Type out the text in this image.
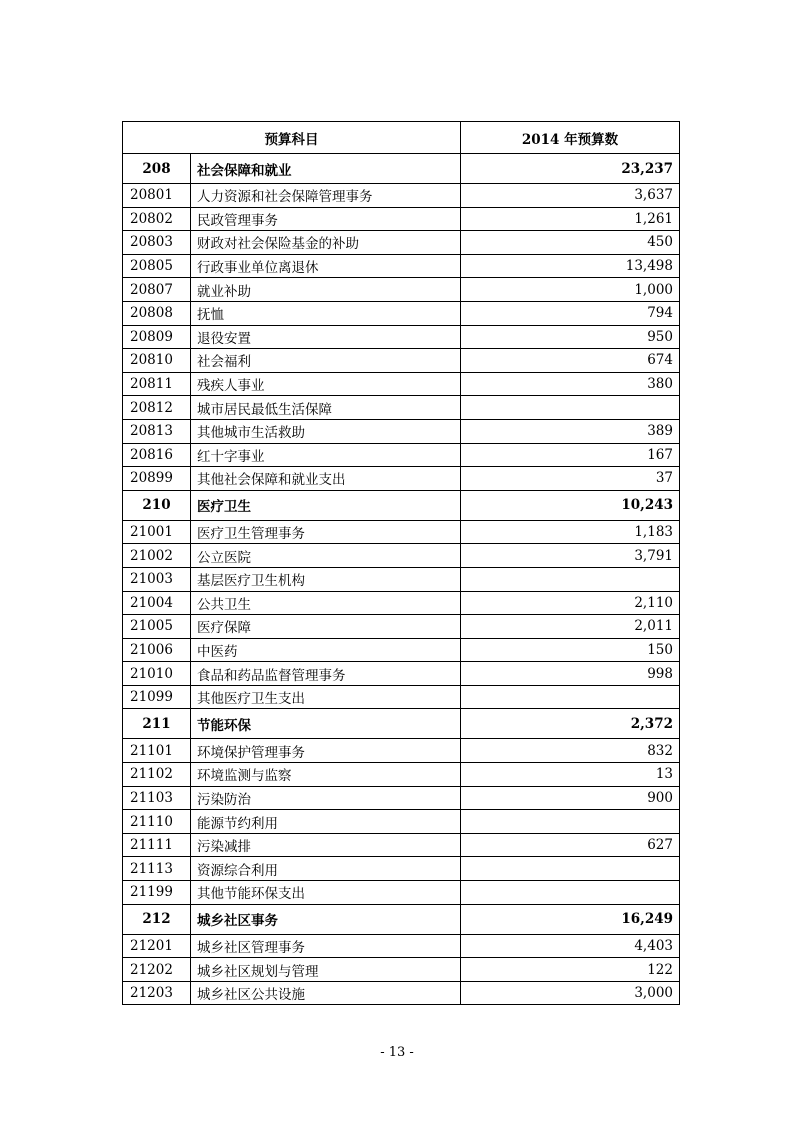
预算科目		2014 年预算数
208	社会保障和就业	23,237
20801	人力资源和社会保障管理事务	3,637
20802	民政管理事务	1,261
20803	财政对社会保险基金的补助	450
20805	行政事业单位离退休	13,498
20807	就业补助	1,000
20808	抚恤	794
20809	退役安置	950
20810	社会福利	674
20811	残疾人事业	380
20812	城市居民最低生活保障	
20813	其他城市生活救助	389
20816	红十字事业	167
20899	其他社会保障和就业支出	37
210	医疗卫生	10,243
21001	医疗卫生管理事务	1,183
21002	公立医院	3,791
21003	基层医疗卫生机构	
21004	公共卫生	2,110
21005	医疗保障	2,011
21006	中医药	150
21010	食品和药品监督管理事务	998
21099	其他医疗卫生支出	
211	节能环保	2,372
21101	环境保护管理事务	832
21102	环境监测与监察	13
21103	污染防治	900
21110	能源节约利用	
21111	污染减排	627
21113	资源综合利用	
21199	其他节能环保支出	
212	城乡社区事务	16,249
21201	城乡社区管理事务	4,403
21202	城乡社区规划与管理	122
21203	城乡社区公共设施	3,000
- 13 -
